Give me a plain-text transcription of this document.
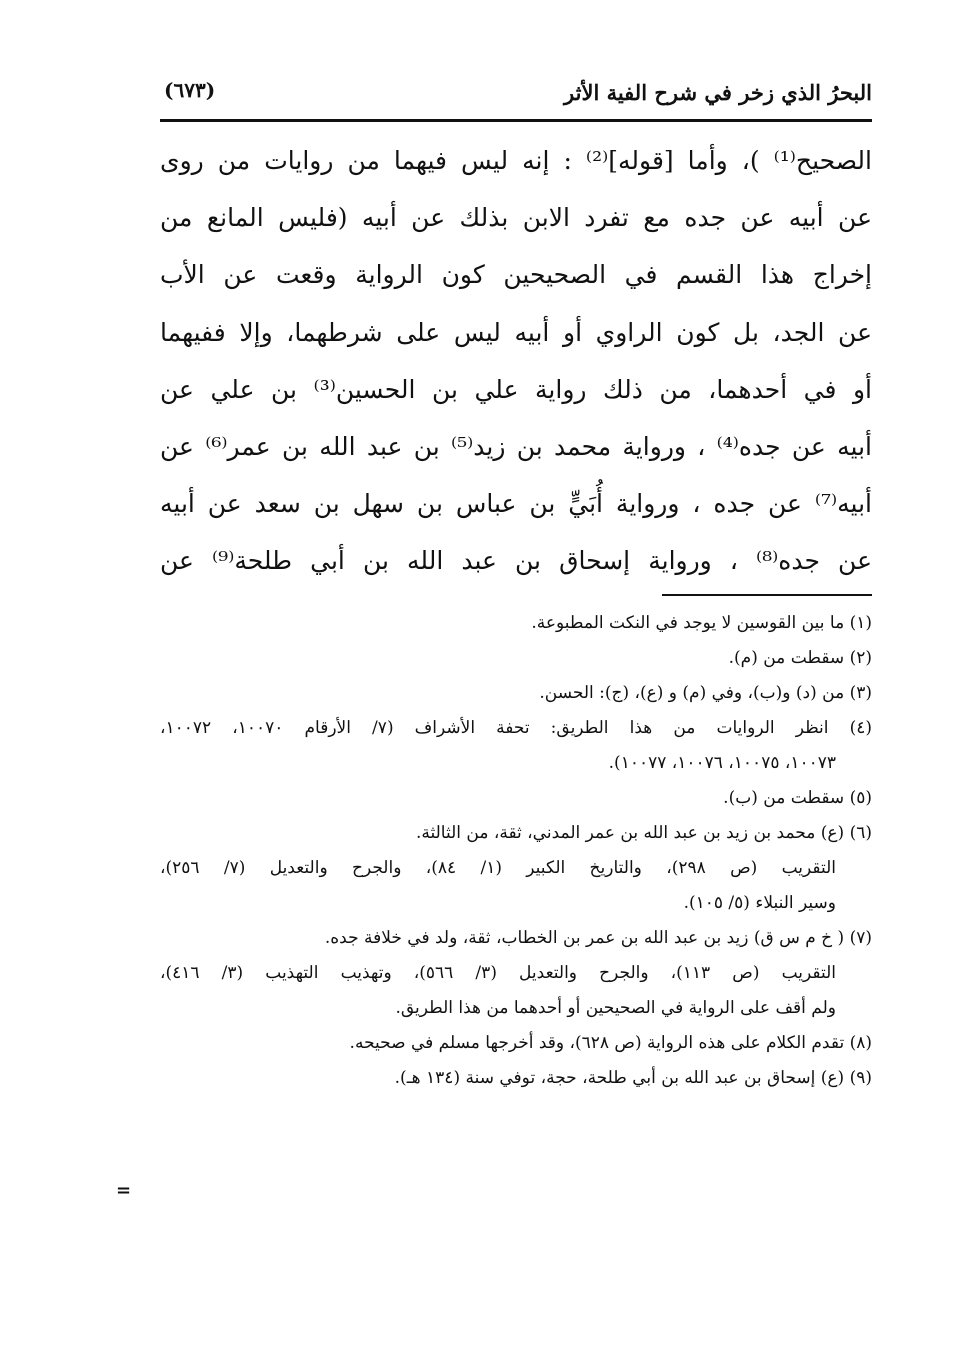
البحرُ الذي زخر في شرح الفية الأثر
(٦٧٣)
الصحيح⁽¹⁾ )، وأما [قوله]⁽²⁾ : إنه ليس فيهما من روايات من روى
عن أبيه عن جده مع تفرد الابن بذلك عن أبيه (فليس المانع من
إخراج هذا القسم في الصحيحين كون الرواية وقعت عن الأب
عن الجد، بل كون الراوي أو أبيه ليس على شرطهما، وإلا ففيهما
أو في أحدهما، من ذلك رواية علي بن الحسين⁽³⁾ بن علي عن
أبيه عن جده⁽⁴⁾ ، ورواية محمد بن زيد⁽⁵⁾ بن عبد الله بن عمر⁽⁶⁾ عن
أبيه⁽⁷⁾ عن جده ، ورواية أُبَيٍّ بن عباس بن سهل بن سعد عن أبيه
عن جده⁽⁸⁾ ، ورواية إسحاق بن عبد الله بن أبي طلحة⁽⁹⁾ عن
(١) ما بين القوسين لا يوجد في النكت المطبوعة.
(٢) سقطت من (م).
(٣) من (د) و(ب)، وفي (م) و (ع)، (ج): الحسن.
(٤) انظر الروايات من هذا الطريق: تحفة الأشراف (٧/ الأرقام ١٠٠٧٠، ١٠٠٧٢،
١٠٠٧٣، ١٠٠٧٥، ١٠٠٧٦، ١٠٠٧٧).
(٥) سقطت من (ب).
(٦) (ع) محمد بن زيد بن عبد الله بن عمر المدني، ثقة، من الثالثة.
التقريب (ص ٢٩٨)، والتاريخ الكبير (١/ ٨٤)، والجرح والتعديل (٧/ ٢٥٦)،
وسير النبلاء (٥/ ١٠٥).
(٧) ( خ م س ق) زيد بن عبد الله بن عمر بن الخطاب، ثقة، ولد في خلافة جده.
التقريب (ص ١١٣)، والجرح والتعديل (٣/ ٥٦٦)، وتهذيب التهذيب (٣/ ٤١٦)،
ولم أقف على الرواية في الصحيحين أو أحدهما من هذا الطريق.
(٨) تقدم الكلام على هذه الرواية (ص ٦٢٨)، وقد أخرجها مسلم في صحيحه.
(٩) (ع) إسحاق بن عبد الله بن أبي طلحة، حجة، توفي سنة (١٣٤ هـ).
=
